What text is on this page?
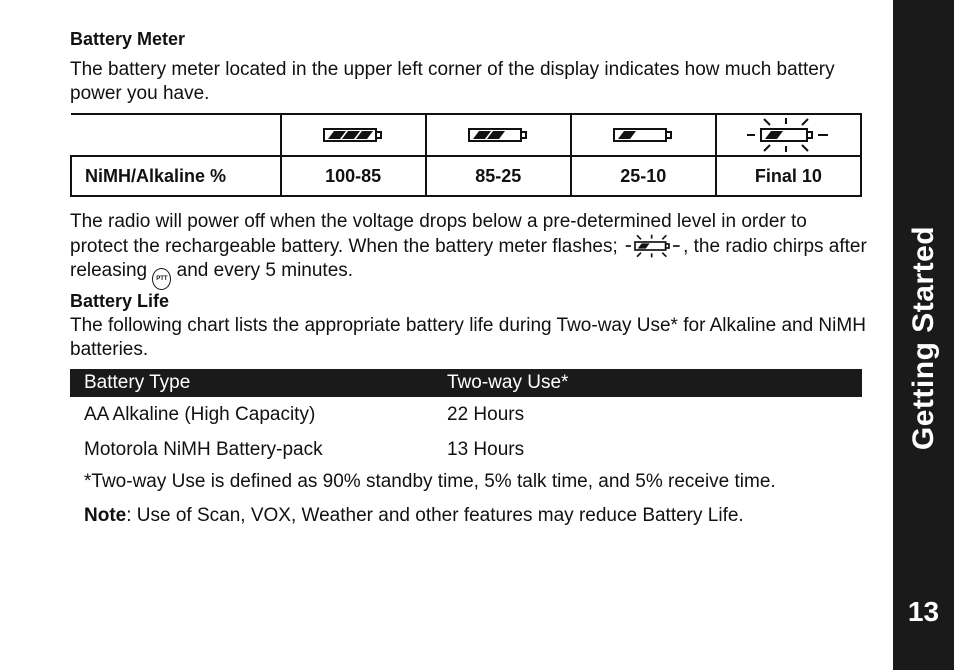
Getting Started
13
Battery Meter
The battery meter located in the upper left corner of the display indicates how much battery power you have.

NiMH/Alkaline %	100-85	85-25	25-10	Final 10
The radio will power off when the voltage drops below a pre-determined level in order to protect the rechargeable battery. When the battery meter flashes;	, the radio chirps after releasing PTT and every 5 minutes.
Battery Life
The following chart lists the appropriate battery life during Two-way Use* for Alkaline and NiMH batteries.
Battery Type	Two-way Use*
AA Alkaline (High Capacity)	22 Hours
Motorola NiMH Battery-pack	13 Hours
*Two-way Use is defined as 90% standby time, 5% talk time, and 5% receive time.
Note: Use of Scan, VOX, Weather and other features may reduce Battery Life.
